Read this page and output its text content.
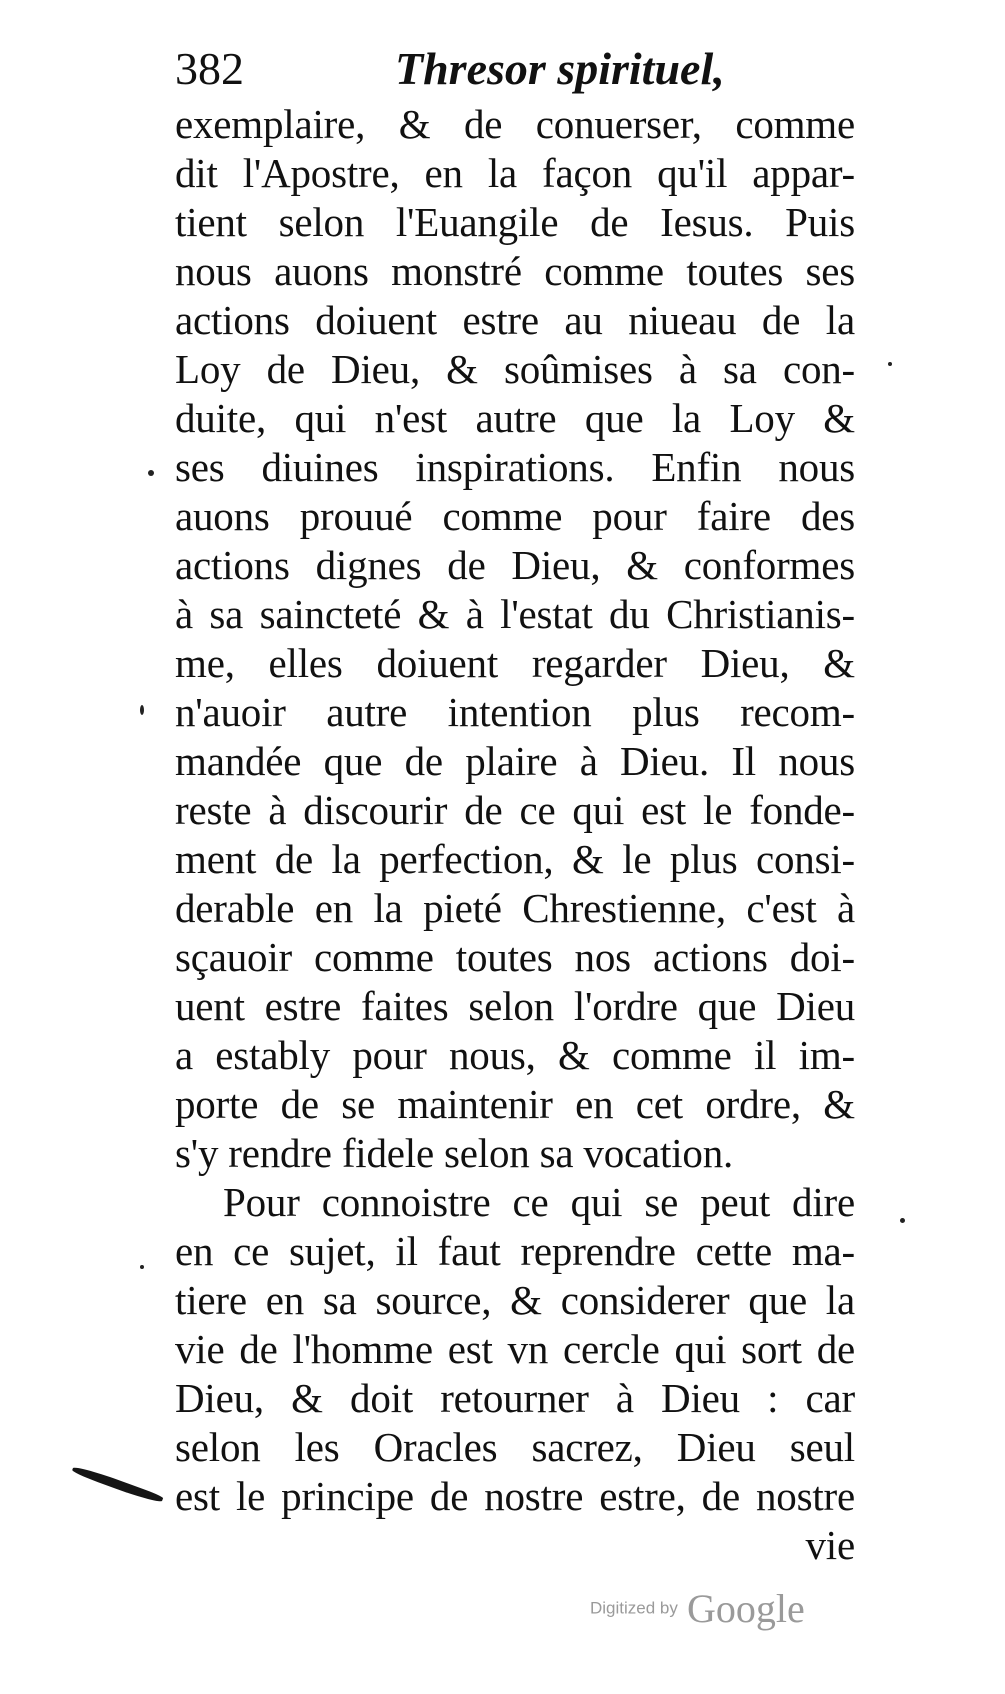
382	Thresor spirituel,
exemplaire, & de conuerser, comme
dit l'Apostre, en la façon qu'il appar-
tient selon l'Euangile de Iesus. Puis
nous auons monstré comme toutes ses
actions doiuent estre au niueau de la
Loy de Dieu, & soûmises à sa con-
duite, qui n'est autre que la Loy &
ses diuines inspirations. Enfin nous
auons prouué comme pour faire des
actions dignes de Dieu, & conformes
à sa saincteté & à l'estat du Christianis-
me, elles doiuent regarder Dieu, &
n'auoir autre intention plus recom-
mandée que de plaire à Dieu. Il nous
reste à discourir de ce qui est le fonde-
ment de la perfection, & le plus consi-
derable en la pieté Chrestienne, c'est à
sçauoir comme toutes nos actions doi-
uent estre faites selon l'ordre que Dieu
a estably pour nous, & comme il im-
porte de se maintenir en cet ordre, &
s'y rendre fidele selon sa vocation.
Pour connoistre ce qui se peut dire
en ce sujet, il faut reprendre cette ma-
tiere en sa source, & considerer que la
vie de l'homme est vn cercle qui sort de
Dieu, & doit retourner à Dieu : car
selon les Oracles sacrez, Dieu seul
est le principe de nostre estre, de nostre
vie
Digitized by Google
